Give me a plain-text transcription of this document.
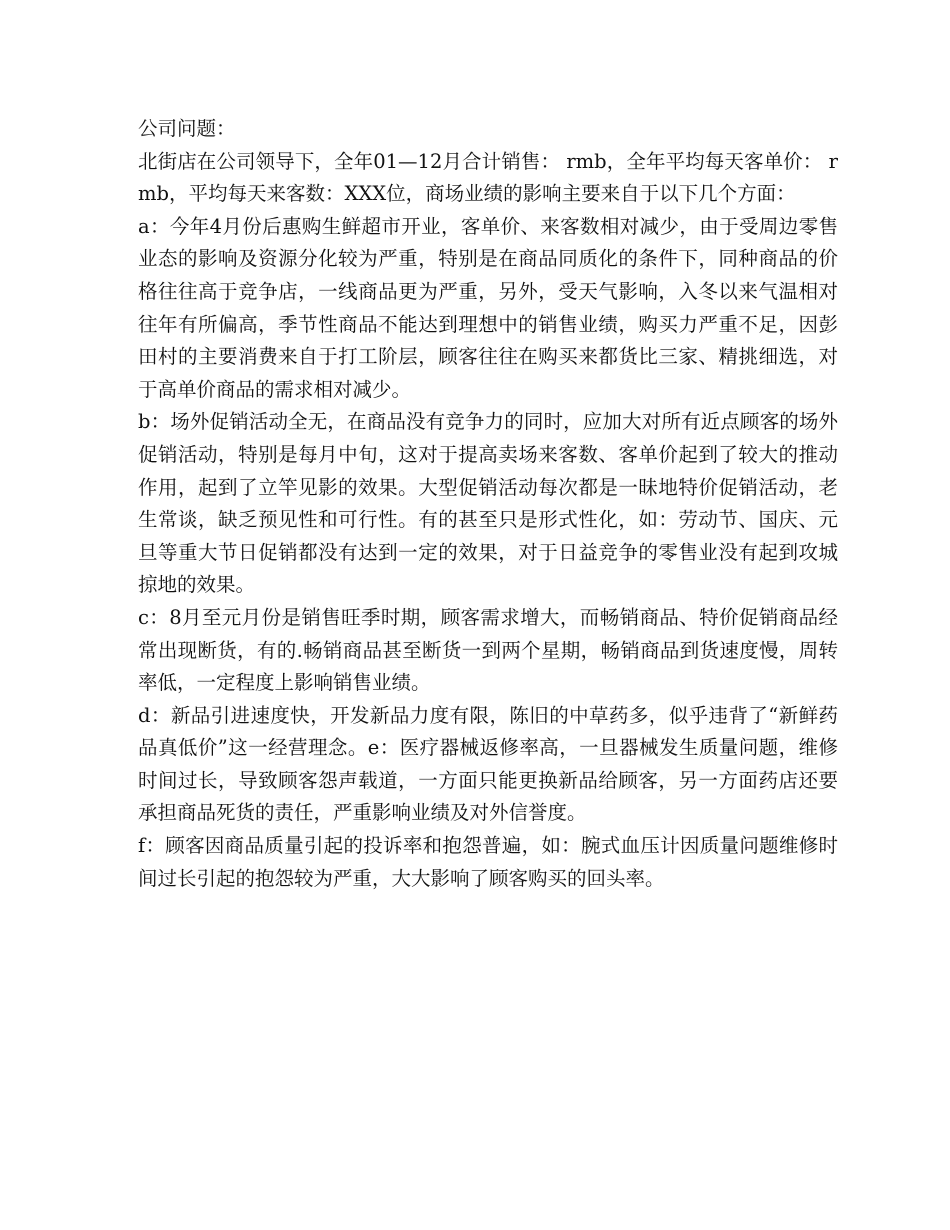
公司问题：

北街店在公司领导下，全年01—12月合计销售： rmb，全年平均每天客单价： rmb，平均每天来客数：XXX位，商场业绩的影响主要来自于以下几个方面：

a：今年4月份后惠购生鲜超市开业，客单价、来客数相对减少，由于受周边零售业态的影响及资源分化较为严重，特别是在商品同质化的条件下，同种商品的价格往往高于竞争店，一线商品更为严重，另外，受天气影响，入冬以来气温相对往年有所偏高，季节性商品不能达到理想中的销售业绩，购买力严重不足，因彭田村的主要消费来自于打工阶层，顾客往往在购买来都货比三家、精挑细选，对于高单价商品的需求相对减少。

b：场外促销活动全无，在商品没有竞争力的同时，应加大对所有近点顾客的场外促销活动，特别是每月中旬，这对于提高卖场来客数、客单价起到了较大的推动作用，起到了立竿见影的效果。大型促销活动每次都是一昧地特价促销活动，老生常谈，缺乏预见性和可行性。有的甚至只是形式性化，如：劳动节、国庆、元旦等重大节日促销都没有达到一定的效果，对于日益竞争的零售业没有起到攻城掠地的效果。

c：8月至元月份是销售旺季时期，顾客需求增大，而畅销商品、特价促销商品经常出现断货，有的.畅销商品甚至断货一到两个星期，畅销商品到货速度慢，周转率低，一定程度上影响销售业绩。

d：新品引进速度快，开发新品力度有限，陈旧的中草药多，似乎违背了“新鲜药品真低价”这一经营理念。e：医疗器械返修率高，一旦器械发生质量问题，维修时间过长，导致顾客怨声载道，一方面只能更换新品给顾客，另一方面药店还要承担商品死货的责任，严重影响业绩及对外信誉度。

f：顾客因商品质量引起的投诉率和抱怨普遍，如：腕式血压计因质量问题维修时间过长引起的抱怨较为严重，大大影响了顾客购买的回头率。
